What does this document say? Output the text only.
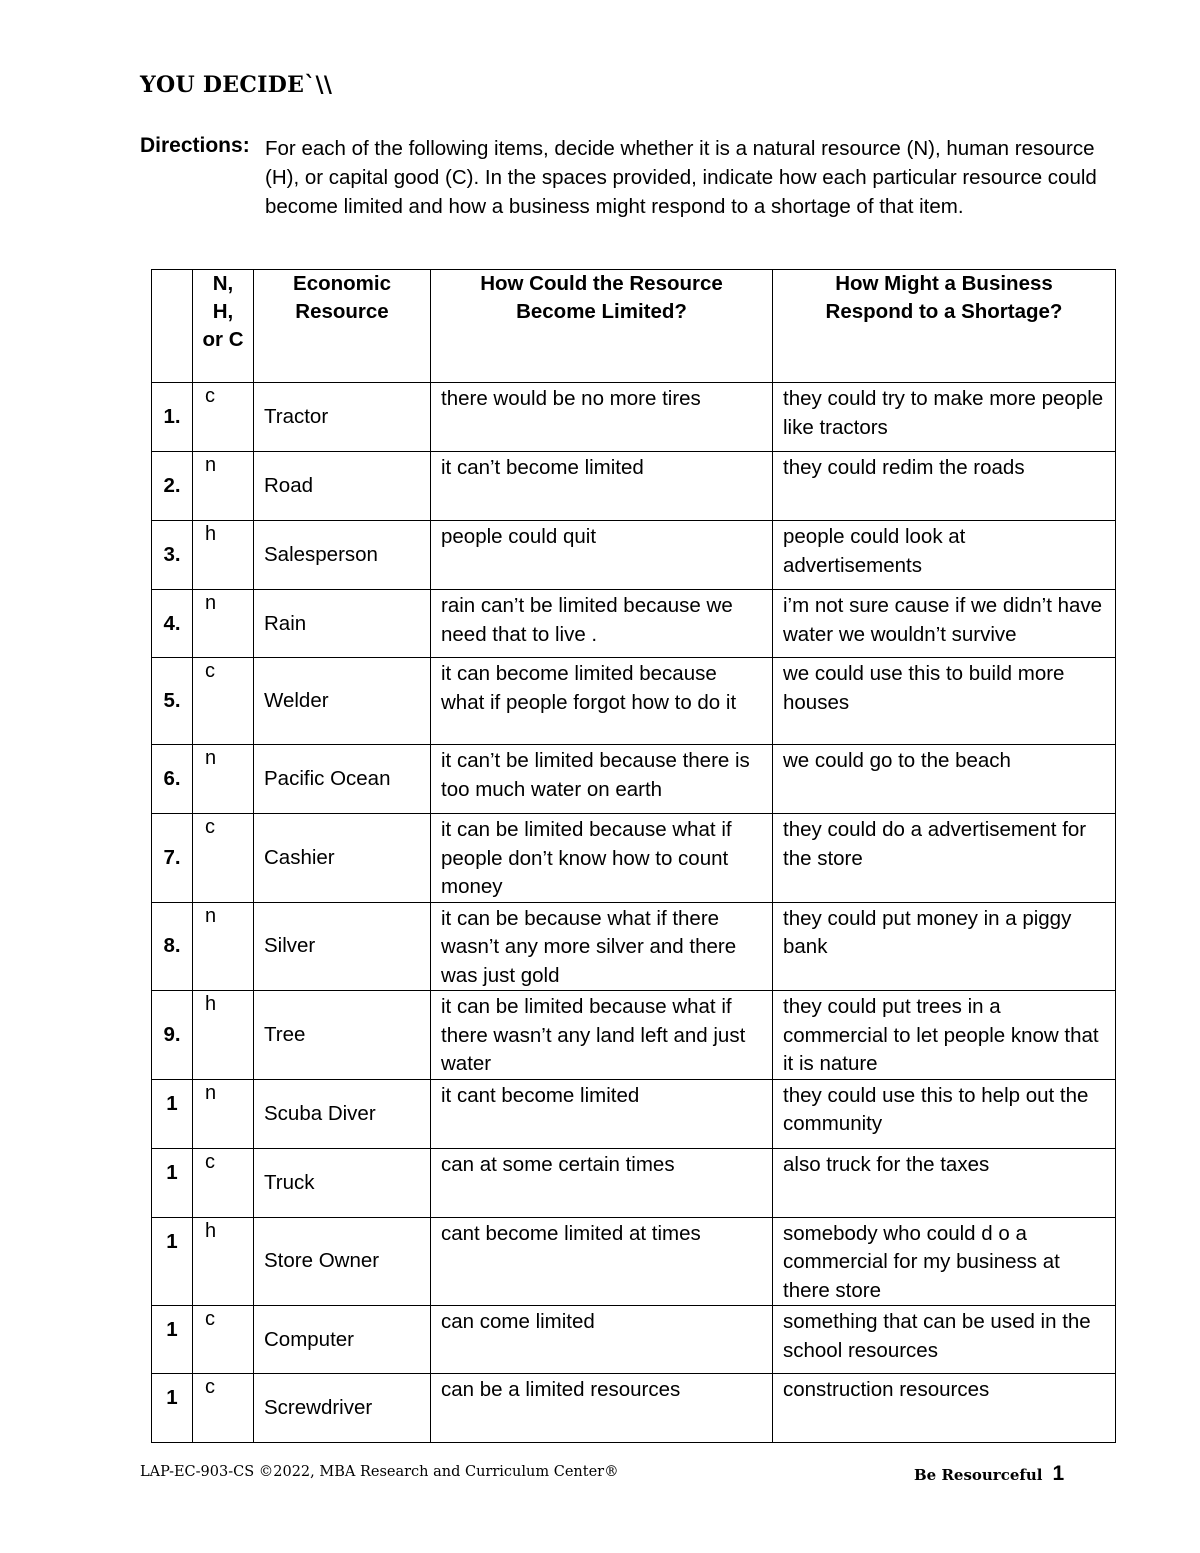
YOU DECIDE`\\
Directions: For each of the following items, decide whether it is a natural resource (N), human resource (H), or capital good (C). In the spaces provided, indicate how each particular resource could become limited and how a business might respond to a shortage of that item.
	N, H, or C	Economic Resource	How Could the Resource Become Limited?	How Might a Business Respond to a Shortage?
1.	c	Tractor	there would be no more tires	they could try to make more people like tractors
2.	n	Road	it can’t become limited	they could redim the roads
3.	h	Salesperson	people could quit	people could look at advertisements
4.	n	Rain	rain can’t be limited because we need that to live .	i’m not sure cause if we didn’t have water we wouldn’t survive
5.	c	Welder	it can become limited because what if people forgot how to do it	we could use this to build more houses
6.	n	Pacific Ocean	it can’t be limited because there is too much water on earth	we could go to the beach
7.	c	Cashier	it can be limited because what if people don’t know how to count money	they could do a advertisement for the store
8.	n	Silver	it can be because what if there wasn’t any more silver and there was just gold	they could put money in a piggy bank
9.	h	Tree	it can be limited because what if there wasn’t any land left and just water	they could put trees in a commercial to let people know that it is nature
1	n	Scuba Diver	it cant become limited	they could use this to help out the community
1	c	Truck	can at some certain times	also truck for the taxes
1	h	Store Owner	cant become limited at times	somebody who could d o a commercial for my business at there store
1	c	Computer	can come limited	something that can be used in the school resources
1	c	Screwdriver	can be a limited resources	construction resources
LAP-EC-903-CS ©2022, MBA Research and Curriculum Center®	Be Resourceful 1
